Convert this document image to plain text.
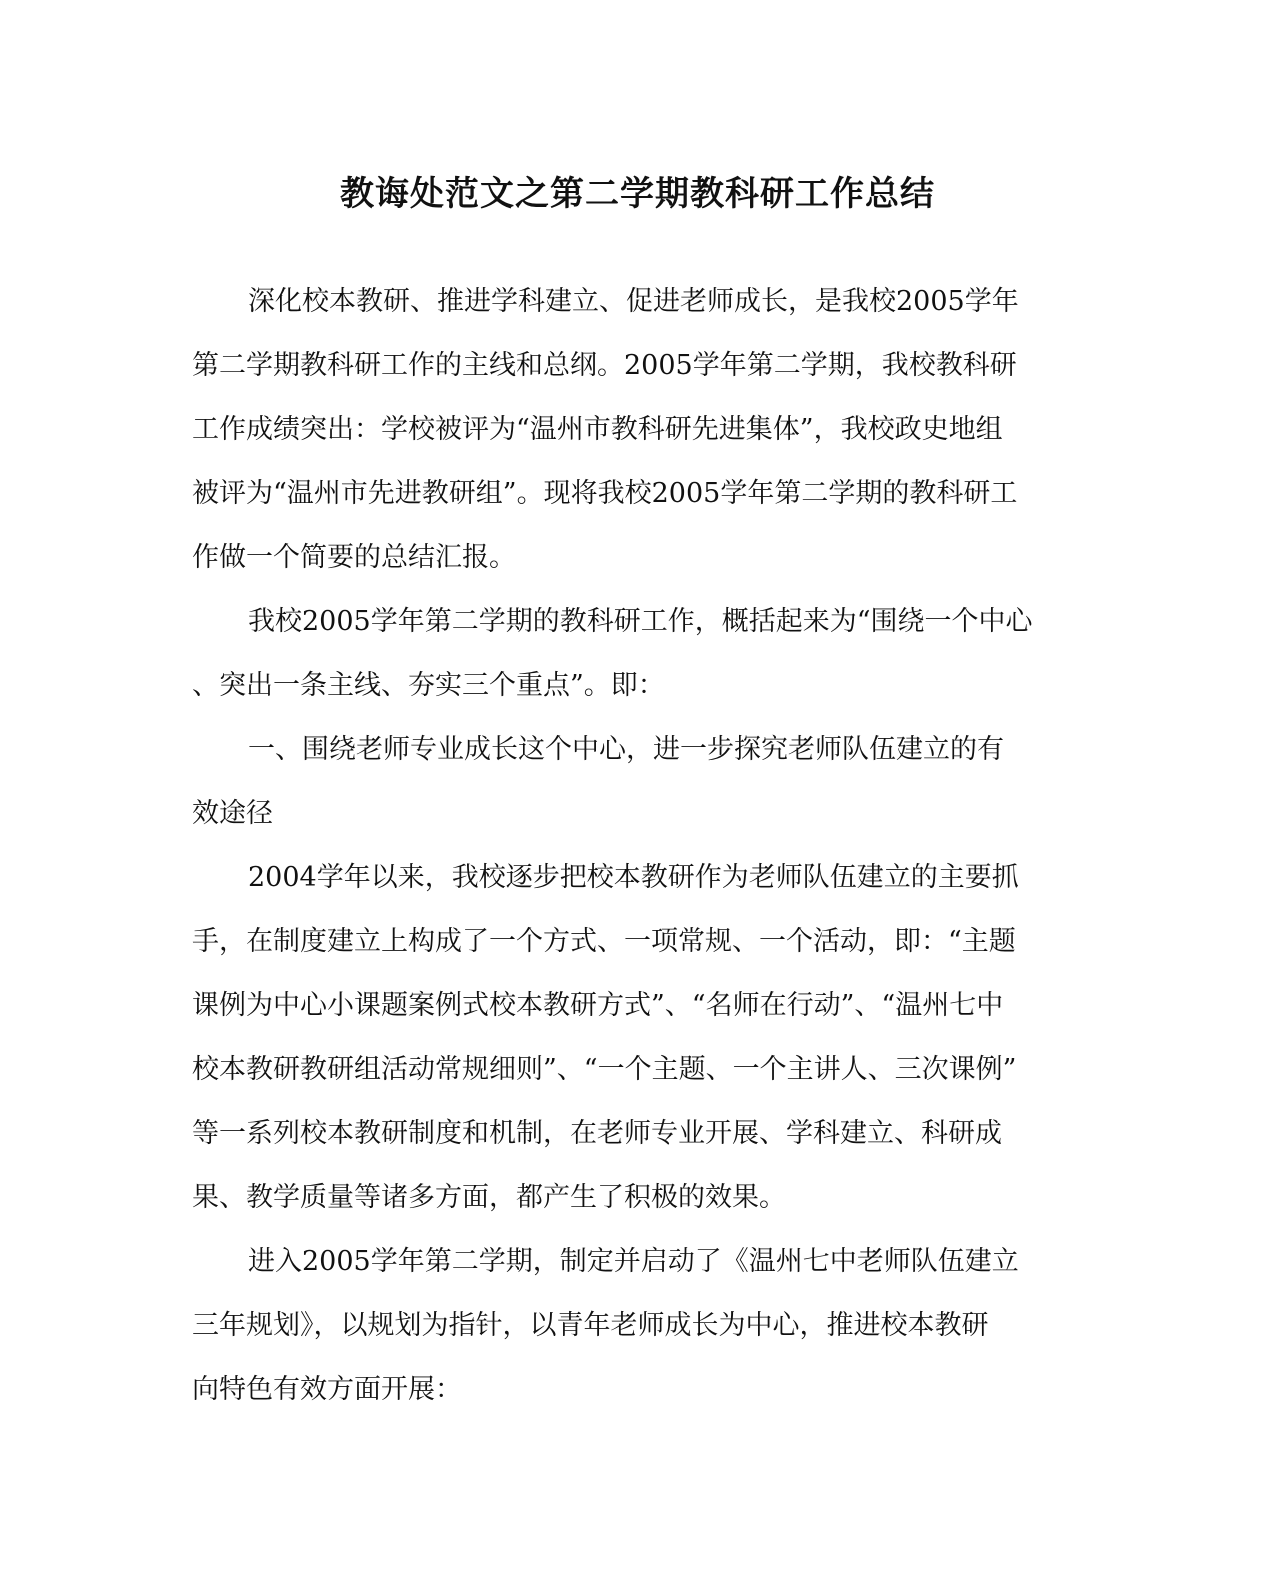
教诲处范文之第二学期教科研工作总结
深化校本教研、推进学科建立、促进老师成长，是我校2005学年
第二学期教科研工作的主线和总纲。2005学年第二学期，我校教科研
工作成绩突出：学校被评为“温州市教科研先进集体”，我校政史地组
被评为“温州市先进教研组”。现将我校2005学年第二学期的教科研工
作做一个简要的总结汇报。
我校2005学年第二学期的教科研工作，概括起来为“围绕一个中心
、突出一条主线、夯实三个重点”。即：
一、围绕老师专业成长这个中心，进一步探究老师队伍建立的有
效途径
2004学年以来，我校逐步把校本教研作为老师队伍建立的主要抓
手，在制度建立上构成了一个方式、一项常规、一个活动，即：“主题
课例为中心小课题案例式校本教研方式”、“名师在行动”、“温州七中
校本教研教研组活动常规细则”、“一个主题、一个主讲人、三次课例”
等一系列校本教研制度和机制，在老师专业开展、学科建立、科研成
果、教学质量等诸多方面，都产生了积极的效果。
进入2005学年第二学期，制定并启动了《温州七中老师队伍建立
三年规划》，以规划为指针，以青年老师成长为中心，推进校本教研
向特色有效方面开展：
